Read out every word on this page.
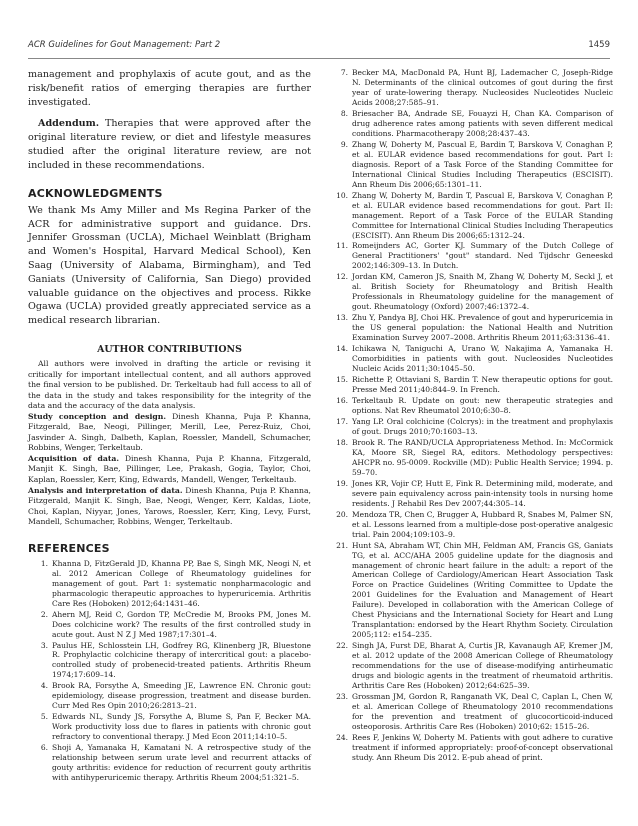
ACR Guidelines for Gout Management: Part 2	1459

management and prophylaxis of acute gout, and as the risk/benefit ratios of emerging therapies are further investigated.

Addendum. Therapies that were approved after the original literature review, or diet and lifestyle measures studied after the original literature review, are not included in these recommendations.

ACKNOWLEDGMENTS

We thank Ms Amy Miller and Ms Regina Parker of the ACR for administrative support and guidance. Drs. Jennifer Grossman (UCLA), Michael Weinblatt (Brigham and Women's Hospital, Harvard Medical School), Ken Saag (University of Alabama, Birmingham), and Ted Ganiats (University of California, San Diego) provided valuable guidance on the objectives and process. Rikke Ogawa (UCLA) provided greatly appreciated service as a medical research librarian.

AUTHOR CONTRIBUTIONS

All authors were involved in drafting the article or revising it critically for important intellectual content, and all authors approved the final version to be published. Dr. Terkeltaub had full access to all of the data in the study and takes responsibility for the integrity of the data and the accuracy of the data analysis.

Study conception and design. Dinesh Khanna, Puja P. Khanna, Fitzgerald, Bae, Neogi, Pillinger, Merill, Lee, Perez-Ruiz, Choi, Jasvinder A. Singh, Dalbeth, Kaplan, Roessler, Mandell, Schumacher, Robbins, Wenger, Terkeltaub.

Acquisition of data. Dinesh Khanna, Puja P. Khanna, Fitzgerald, Manjit K. Singh, Bae, Pillinger, Lee, Prakash, Gogia, Taylor, Choi, Kaplan, Roessler, Kerr, King, Edwards, Mandell, Wenger, Terkeltaub.

Analysis and interpretation of data. Dinesh Khanna, Puja P. Khanna, Fitzgerald, Manjit K. Singh, Bae, Neogi, Wenger, Kerr, Kaldas, Liote, Choi, Kaplan, Niyyar, Jones, Yarows, Roessler, Kerr, King, Levy, Furst, Mandell, Schumacher, Robbins, Wenger, Terkeltaub.

REFERENCES
1. Khanna D, FitzGerald JD, Khanna PP, Bae S, Singh MK, Neogi N, et al. 2012 American College of Rheumatology guidelines for management of gout. Part 1: systematic nonpharmacologic and pharmacologic therapeutic approaches to hyperuricemia. Arthritis Care Res (Hoboken) 2012;64:1431–46.
2. Ahern MJ, Reid C, Gordon TP, McCredie M, Brooks PM, Jones M. Does colchicine work? The results of the first controlled study in acute gout. Aust N Z J Med 1987;17:301–4.
3. Paulus HE, Schlosstein LH, Godfrey RG, Klinenberg JR, Bluestone R. Prophylactic colchicine therapy of intercritical gout: a placebo-controlled study of probenecid-treated patients. Arthritis Rheum 1974;17:609–14.
4. Brook RA, Forsythe A, Smeeding JE, Lawrence EN. Chronic gout: epidemiology, disease progression, treatment and disease burden. Curr Med Res Opin 2010;26:2813–21.
5. Edwards NL, Sundy JS, Forsythe A, Blume S, Pan F, Becker MA. Work productivity loss due to flares in patients with chronic gout refractory to conventional therapy. J Med Econ 2011;14:10–5.
6. Shoji A, Yamanaka H, Kamatani N. A retrospective study of the relationship between serum urate level and recurrent attacks of gouty arthritis: evidence for reduction of recurrent gouty arthritis with antihyperuricemic therapy. Arthritis Rheum 2004;51:321–5.
7. Becker MA, MacDonald PA, Hunt BJ, Lademacher C, Joseph-Ridge N. Determinants of the clinical outcomes of gout during the first year of urate-lowering therapy. Nucleosides Nucleotides Nucleic Acids 2008;27:585–91.
8. Briesacher BA, Andrade SE, Fouayzi H, Chan KA. Comparison of drug adherence rates among patients with seven different medical conditions. Pharmacotherapy 2008;28:437–43.
9. Zhang W, Doherty M, Pascual E, Bardin T, Barskova V, Conaghan P, et al. EULAR evidence based recommendations for gout. Part I: diagnosis. Report of a Task Force of the Standing Committee for International Clinical Studies Including Therapeutics (ESCISIT). Ann Rheum Dis 2006;65:1301–11.
10. Zhang W, Doherty M, Bardin T, Pascual E, Barskova V, Conaghan P, et al. EULAR evidence based recommendations for gout. Part II: management. Report of a Task Force of the EULAR Standing Committee for International Clinical Studies Including Therapeutics (ESCISIT). Ann Rheum Dis 2006;65:1312–24.
11. Romeijnders AC, Gorter KJ. Summary of the Dutch College of General Practitioners' "gout" standard. Ned Tijdschr Geneeskd 2002;146:309–13. In Dutch.
12. Jordan KM, Cameron JS, Snaith M, Zhang W, Doherty M, Seckl J, et al. British Society for Rheumatology and British Health Professionals in Rheumatology guideline for the management of gout. Rheumatology (Oxford) 2007;46:1372–4.
13. Zhu Y, Pandya BJ, Choi HK. Prevalence of gout and hyperuricemia in the US general population: the National Health and Nutrition Examination Survey 2007–2008. Arthritis Rheum 2011;63:3136–41.
14. Ichikawa N, Taniguchi A, Urano W, Nakajima A, Yamanaka H. Comorbidities in patients with gout. Nucleosides Nucleotides Nucleic Acids 2011;30:1045–50.
15. Richette P, Ottaviani S, Bardin T. New therapeutic options for gout. Presse Med 2011;40:844–9. In French.
16. Terkeltaub R. Update on gout: new therapeutic strategies and options. Nat Rev Rheumatol 2010;6:30–8.
17. Yang LP. Oral colchicine (Colcrys): in the treatment and prophylaxis of gout. Drugs 2010;70:1603–13.
18. Brook R. The RAND/UCLA Appropriateness Method. In: McCormick KA, Moore SR, Siegel RA, editors. Methodology perspectives: AHCPR no. 95-0009. Rockville (MD): Public Health Service; 1994. p. 59–70.
19. Jones KR, Vojir CP, Hutt E, Fink R. Determining mild, moderate, and severe pain equivalency across pain-intensity tools in nursing home residents. J Rehabil Res Dev 2007;44:305–14.
20. Mendoza TR, Chen C, Brugger A, Hubbard R, Snabes M, Palmer SN, et al. Lessons learned from a multiple-dose post-operative analgesic trial. Pain 2004;109:103–9.
21. Hunt SA, Abraham WT, Chin MH, Feldman AM, Francis GS, Ganiats TG, et al. ACC/AHA 2005 guideline update for the diagnosis and management of chronic heart failure in the adult: a report of the American College of Cardiology/American Heart Association Task Force on Practice Guidelines (Writing Committee to Update the 2001 Guidelines for the Evaluation and Management of Heart Failure). Developed in collaboration with the American College of Chest Physicians and the International Society for Heart and Lung Transplantation: endorsed by the Heart Rhythm Society. Circulation 2005;112: e154–235.
22. Singh JA, Furst DE, Bharat A, Curtis JR, Kavanaugh AF, Kremer JM, et al. 2012 update of the 2008 American College of Rheumatology recommendations for the use of disease-modifying antirheumatic drugs and biologic agents in the treatment of rheumatoid arthritis. Arthritis Care Res (Hoboken) 2012;64:625–39.
23. Grossman JM, Gordon R, Ranganath VK, Deal C, Caplan L, Chen W, et al. American College of Rheumatology 2010 recommendations for the prevention and treatment of glucocorticoid-induced osteoporosis. Arthritis Care Res (Hoboken) 2010;62: 1515–26.
24. Rees F, Jenkins W, Doherty M. Patients with gout adhere to curative treatment if informed appropriately: proof-of-concept observational study. Ann Rheum Dis 2012. E-pub ahead of print.
